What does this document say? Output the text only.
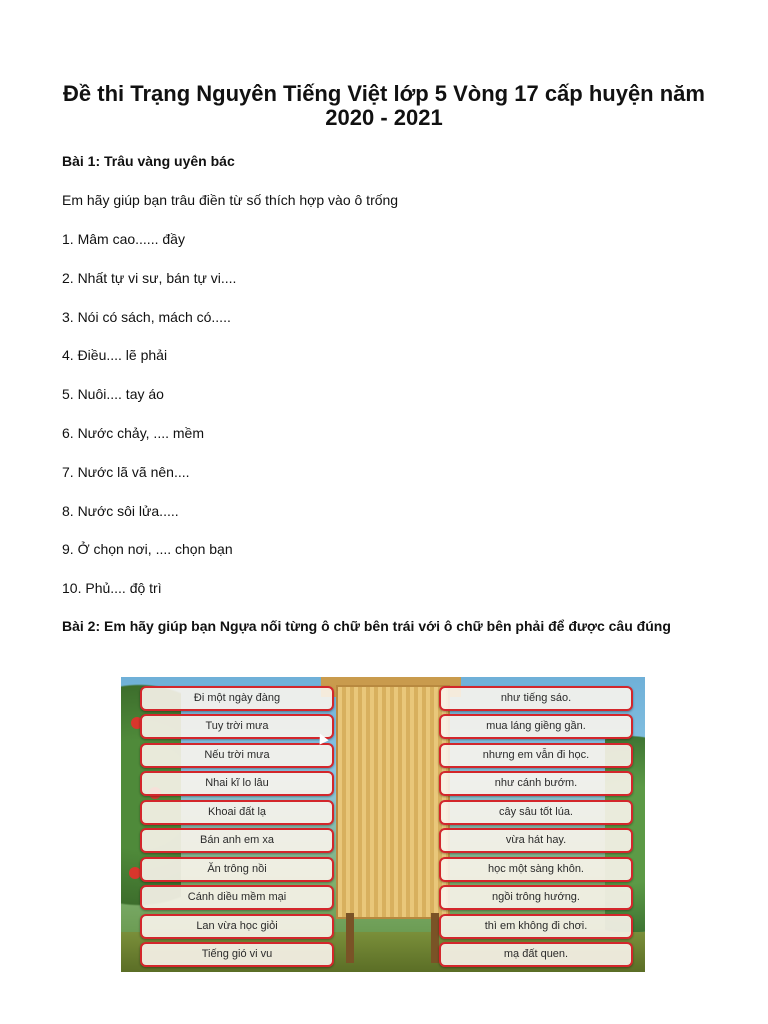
Đề thi Trạng Nguyên Tiếng Việt lớp 5 Vòng 17 cấp huyện năm 2020 - 2021
Bài 1: Trâu vàng uyên bác

Em hãy giúp bạn trâu điền từ số thích hợp vào ô trống

1. Mâm cao...... đầy
2. Nhất tự vi sư, bán tự vi....
3. Nói có sách, mách có.....
4. Điều.... lẽ phải
5. Nuôi.... tay áo
6. Nước chảy, .... mềm
7. Nước lã vã nên....
8. Nước sôi lửa.....
9. Ở chọn nơi, .... chọn bạn
10. Phủ.... độ trì
Bài 2: Em hãy giúp bạn Ngựa nối từng ô chữ bên trái với ô chữ bên phải để được câu đúng
Đi một ngày đàng
Tuy trời mưa
Nếu trời mưa
Nhai kĩ lo lâu
Khoai đất lạ
Bán anh em xa
Ăn trông nồi
Cánh diều mềm mại
Lan vừa học giỏi
Tiếng gió vi vu
như tiếng sáo.
mua láng giềng gần.
nhưng em vẫn đi học.
như cánh bướm.
cây sâu tốt lúa.
vừa hát hay.
học một sàng khôn.
ngồi trông hướng.
thì em không đi chơi.
mạ đất quen.
